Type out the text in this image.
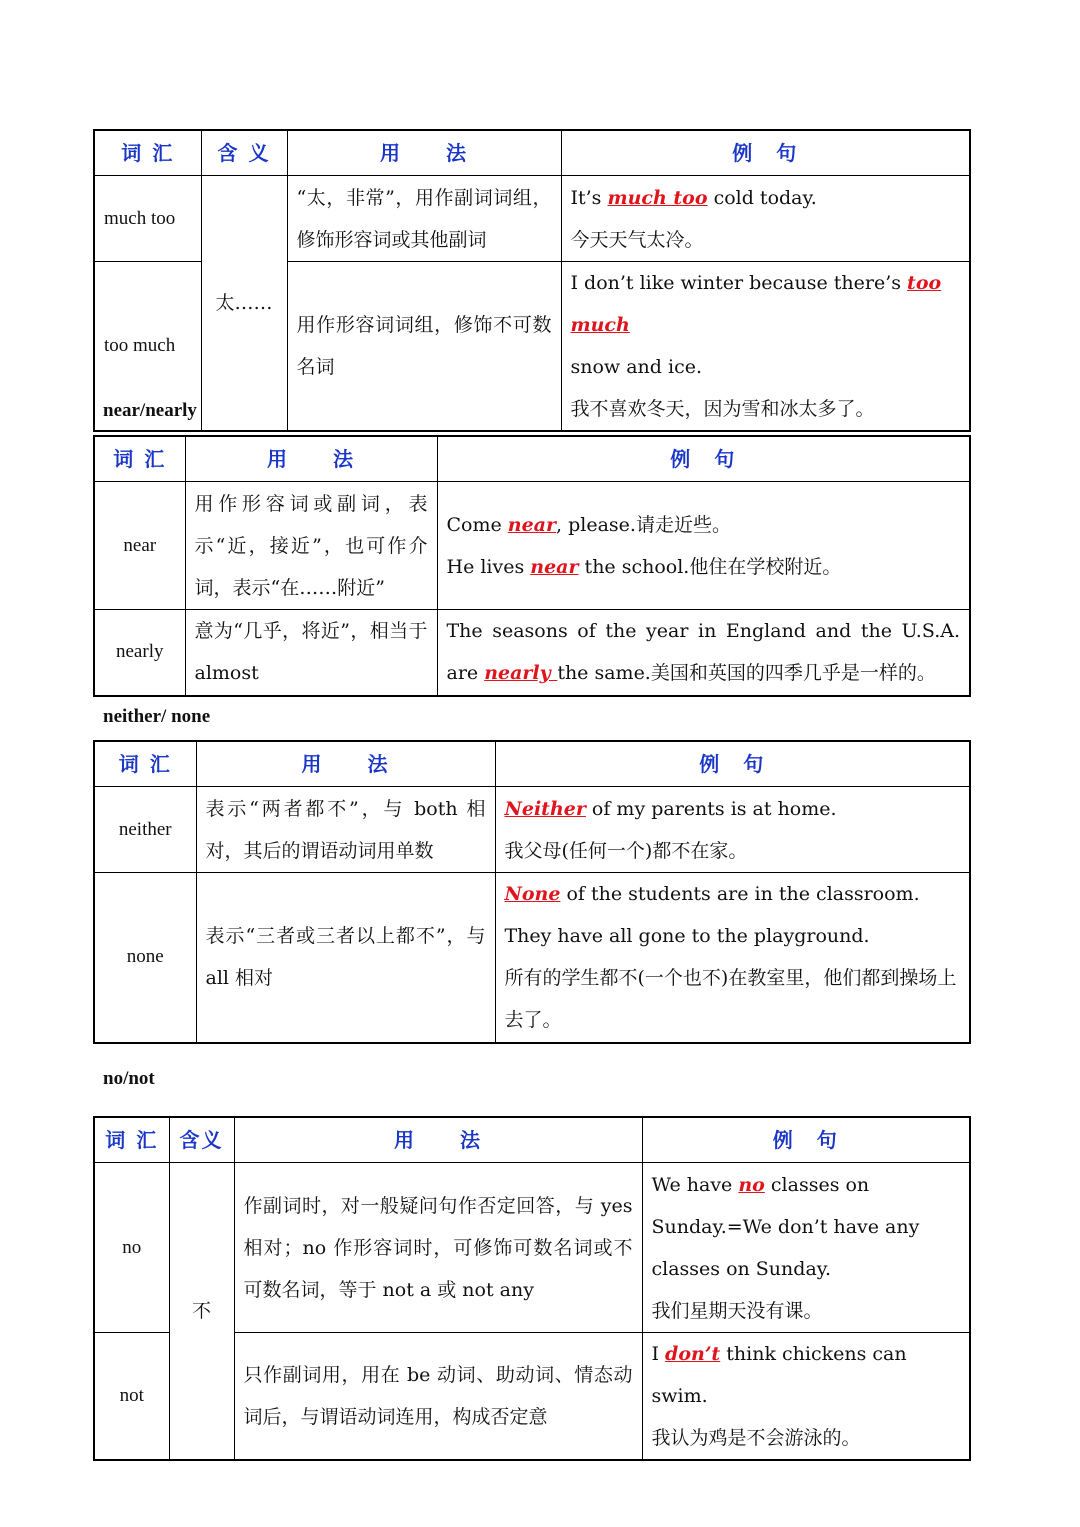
词 汇	含 义	用　　法	例　句
much too	太……	“太，非常”，用作副词词组，修饰形容词或其他副词	It’s much too cold today.
今天天气太冷。

too much		用作形容词词组，修饰不可数名词	I don’t like winter because there’s too much
snow and ice.
我不喜欢冬天，因为雪和冰太多了。
near/nearly
词 汇	用　　法	例　句
near	用作形容词或副词，表示“近，接近”，也可作介词，表示“在……附近”	Come near, please.请走近些。
He lives near the school.他住在学校附近。

nearly	意为“几乎，将近”，相当于 almost	The seasons of the year in England and the U.S.A. are nearly the same.美国和英国的四季几乎是一样的。
neither/ none
词 汇	用　　法	例　句
neither	表示“两者都不”，与 both 相对，其后的谓语动词用单数	Neither of my parents is at home.
我父母(任何一个)都不在家。

none	表示“三者或三者以上都不”，与 all 相对	None of the students are in the classroom. They have all gone to the playground.
所有的学生都不(一个也不)在教室里，他们都到操场上去了。
no/not
词 汇	含义	用　　法	例　句
no	不	作副词时，对一般疑问句作否定回答，与 yes 相对；no 作形容词时，可修饰可数名词或不可数名词，等于 not a 或 not any	We have no classes on Sunday.=We don’t have any classes on Sunday.
我们星期天没有课。

not		只作副词用，用在 be 动词、助动词、情态动词后，与谓语动词连用，构成否定意	I don’t think chickens can swim.
我认为鸡是不会游泳的。
